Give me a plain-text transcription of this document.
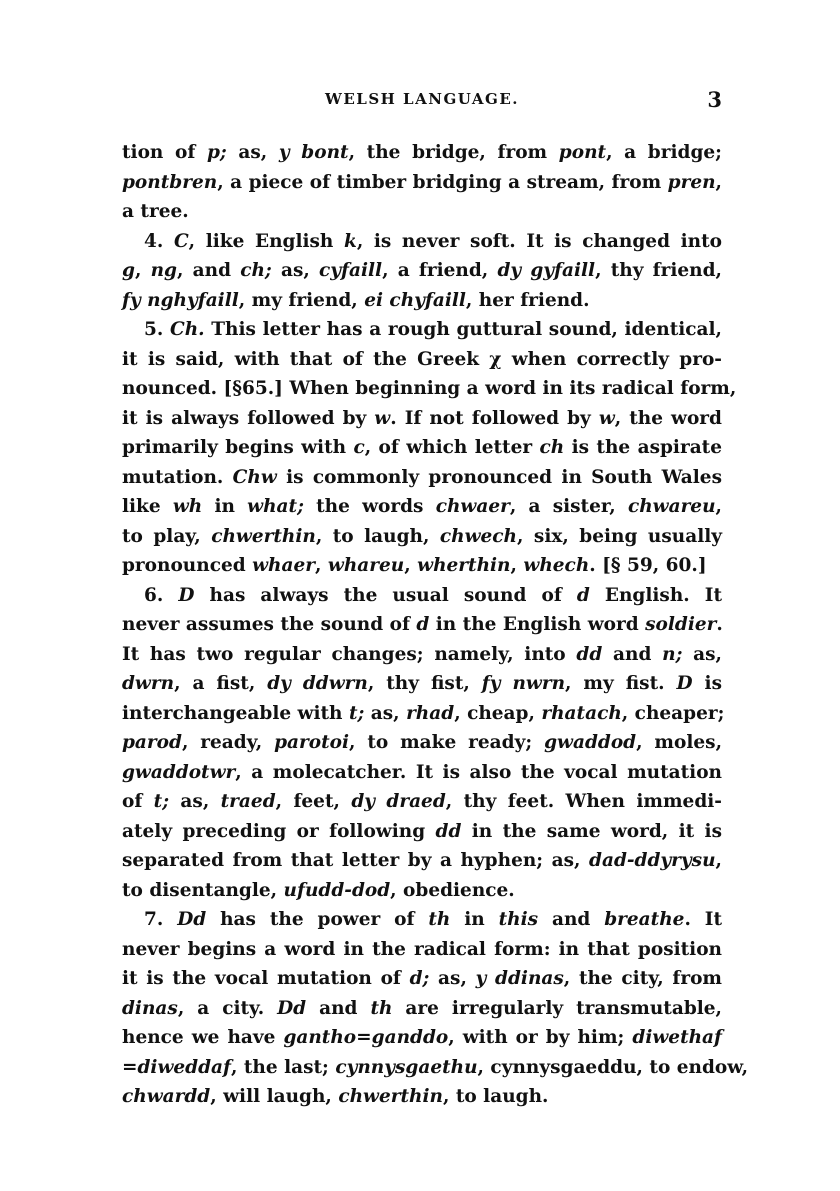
WELSH LANGUAGE.	3
tion of p; as, y bont, the bridge, from pont, a bridge;
pontbren, a piece of timber bridging a stream, from pren,
a tree.
4. C, like English k, is never soft. It is changed into
g, ng, and ch; as, cyfaill, a friend, dy gyfaill, thy friend,
fy nghyfaill, my friend, ei chyfaill, her friend.
5. Ch. This letter has a rough guttural sound, identical,
it is said, with that of the Greek χ when correctly pro-
nounced. [§65.] When beginning a word in its radical form,
it is always followed by w. If not followed by w, the word
primarily begins with c, of which letter ch is the aspirate
mutation. Chw is commonly pronounced in South Wales
like wh in what; the words chwaer, a sister, chwareu,
to play, chwerthin, to laugh, chwech, six, being usually
pronounced whaer, whareu, wherthin, whech. [§ 59, 60.]
6. D has always the usual sound of d English. It
never assumes the sound of d in the English word soldier.
It has two regular changes; namely, into dd and n; as,
dwrn, a fist, dy ddwrn, thy fist, fy nwrn, my fist. D is
interchangeable with t; as, rhad, cheap, rhatach, cheaper;
parod, ready, parotoi, to make ready; gwaddod, moles,
gwaddotwr, a molecatcher. It is also the vocal mutation
of t; as, traed, feet, dy draed, thy feet. When immedi-
ately preceding or following dd in the same word, it is
separated from that letter by a hyphen; as, dad-ddyrysu,
to disentangle, ufudd-dod, obedience.
7. Dd has the power of th in this and breathe. It
never begins a word in the radical form: in that position
it is the vocal mutation of d; as, y ddinas, the city, from
dinas, a city. Dd and th are irregularly transmutable,
hence we have gantho=ganddo, with or by him; diwethaf
=diweddaf, the last; cynnysgaethu, cynnysgaeddu, to endow,
chwardd, will laugh, chwerthin, to laugh.
